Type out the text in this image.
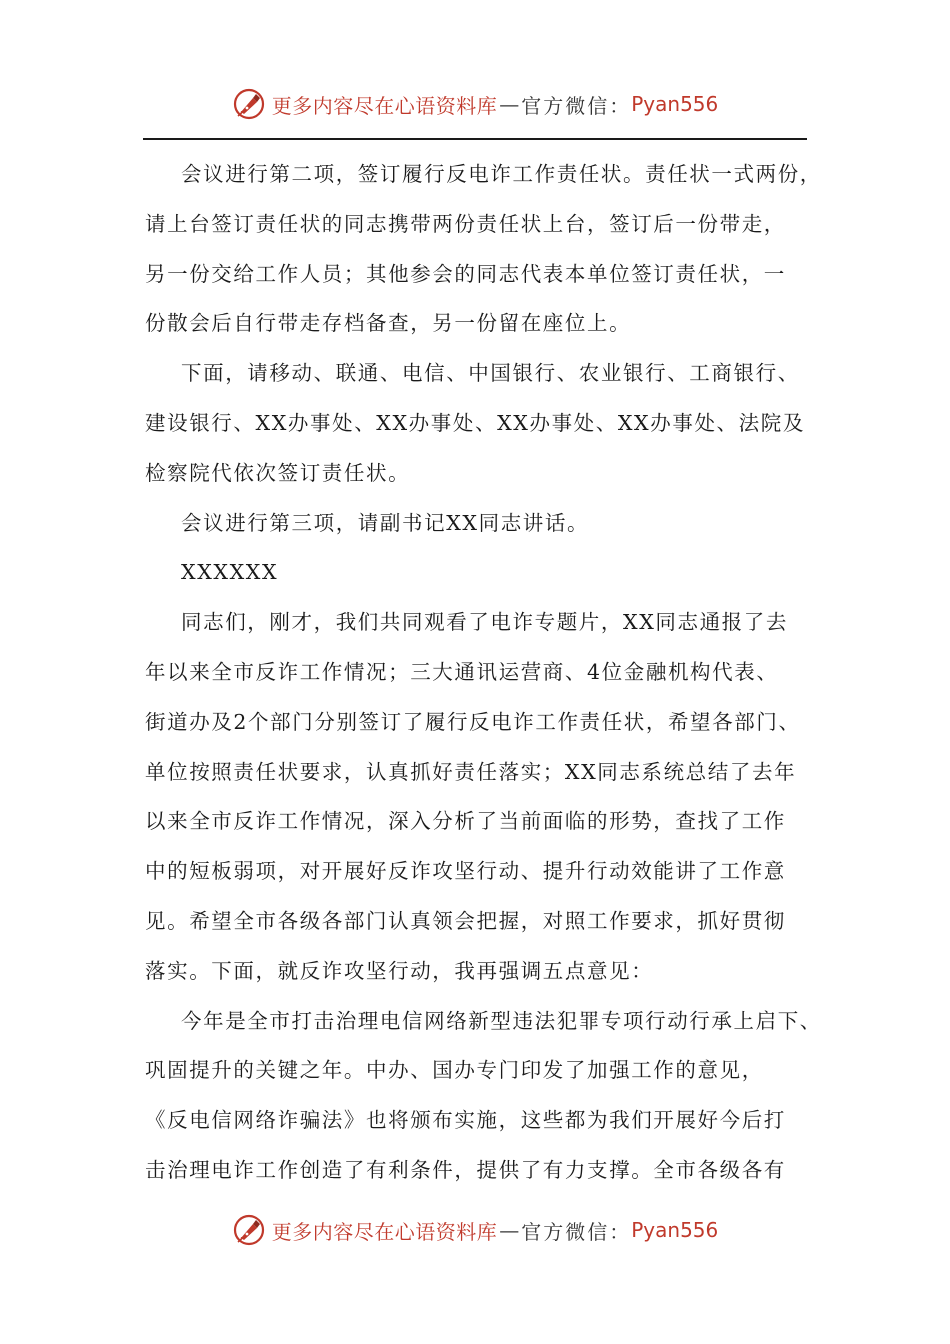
更多内容尽在心语资料库 — 官方微信： Pyan556

会议进行第二项，签订履行反电诈工作责任状。责任状一式两份，
请上台签订责任状的同志携带两份责任状上台，签订后一份带走，
另一份交给工作人员；其他参会的同志代表本单位签订责任状，一
份散会后自行带走存档备查，另一份留在座位上。

下面，请移动、联通、电信、中国银行、农业银行、工商银行、
建设银行、XX办事处、XX办事处、XX办事处、XX办事处、法院及
检察院代依次签订责任状。

会议进行第三项，请副书记XX同志讲话。

XXXXXX

同志们，刚才，我们共同观看了电诈专题片，XX同志通报了去
年以来全市反诈工作情况；三大通讯运营商、4位金融机构代表、
街道办及2个部门分别签订了履行反电诈工作责任状，希望各部门、
单位按照责任状要求，认真抓好责任落实；XX同志系统总结了去年
以来全市反诈工作情况，深入分析了当前面临的形势，查找了工作
中的短板弱项，对开展好反诈攻坚行动、提升行动效能讲了工作意
见。希望全市各级各部门认真领会把握，对照工作要求，抓好贯彻
落实。下面，就反诈攻坚行动，我再强调五点意见：

今年是全市打击治理电信网络新型违法犯罪专项行动行承上启下、
巩固提升的关键之年。中办、国办专门印发了加强工作的意见，
《反电信网络诈骗法》也将颁布实施，这些都为我们开展好今后打
击治理电诈工作创造了有利条件，提供了有力支撑。全市各级各有

更多内容尽在心语资料库 — 官方微信： Pyan556
